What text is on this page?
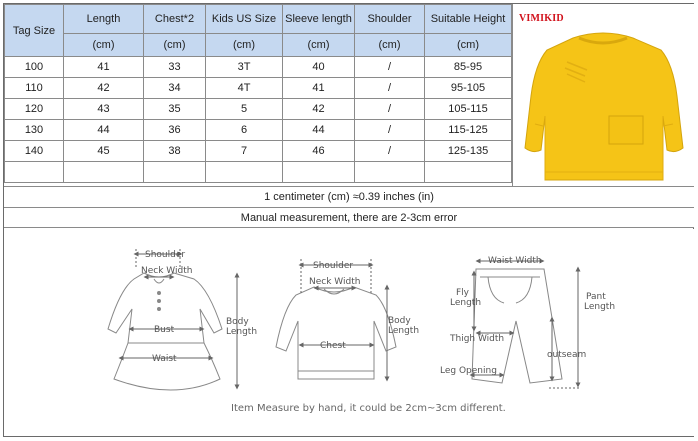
Tag Size	Length	Chest*2	Kids US Size	Sleeve length	Shoulder	Suitable Height
	(cm)	(cm)	(cm)	(cm)	(cm)	(cm)
100	41	33	3T	40	/	85-95
110	42	34	4T	41	/	95-105
120	43	35	5	42	/	105-115
130	44	36	6	44	/	115-125
140	45	38	7	46	/	125-135

VIMIKID
1 centimeter (cm) ≈0.39 inches (in)
Manual measurement, there are 2-3cm error
Shoulder
Neck Width
Bust
Waist
Body
Length
Shoulder
Neck Width
Chest
Body
Length
Waist Width
Fly
Length
Pant
Length
Thigh Width
outseam
Leg Opening
Item Measure by hand, it could be 2cm~3cm different.
